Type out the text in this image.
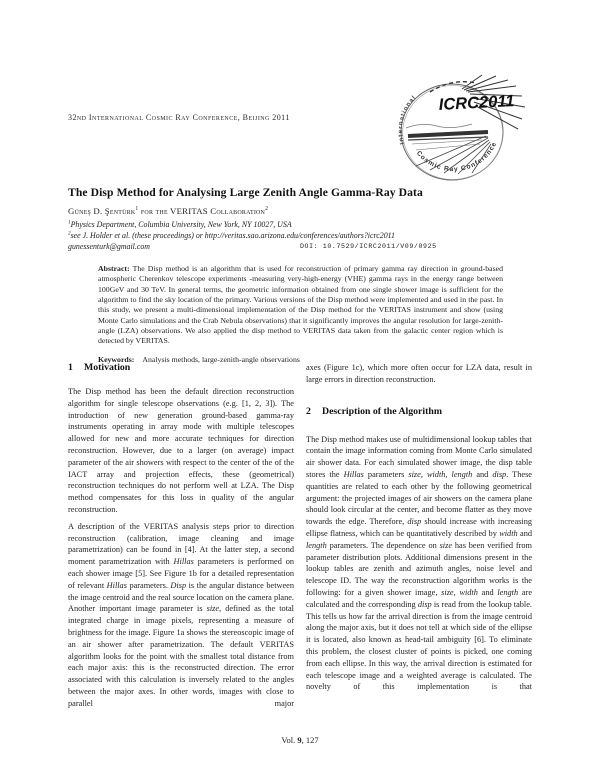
32nd International Cosmic Ray Conference, Beijing 2011
ICRC2011
Cosmic Ray Conference
International
The Disp Method for Analysing Large Zenith Angle Gamma-Ray Data
Güneş D. Şentürk$^1$ for the VERITAS Collaboration$^2$
$^1$Physics Department, Columbia University, New York, NY 10027, USA
$^2$see J. Holder et al. (these proceedings) or http://veritas.sao.arizona.edu/conferences/authors?icrc2011
gunessenturk@gmail.com	DOI: 10.7529/ICRC2011/V09/0925
Abstract: The Disp method is an algorithm that is used for reconstruction of primary gamma ray direction in ground-based atmospheric Cherenkov telescope experiments -measuring very-high-energy (VHE) gamma rays in the energy range between 100GeV and 30 TeV. In general terms, the geometric information obtained from one single shower image is sufficient for the algorithm to find the sky location of the primary. Various versions of the Disp method were implemented and used in the past. In this study, we present a multi-dimensional implementation of the Disp method for the VERITAS instrument and show (using Monte Carlo simulations and the Crab Nebula observations) that it significantly improves the angular resolution for large-zenith-angle (LZA) observations. We also applied the disp method to VERITAS data taken from the galactic center region which is detected by VERITAS.
Keywords: Analysis methods, large-zenith-angle observations
1 Motivation

The Disp method has been the default direction reconstruction algorithm for single telescope observations (e.g. [1, 2, 3]). The introduction of new generation ground-based gamma-ray instruments operating in array mode with multiple telescopes allowed for new and more accurate techniques for direction reconstruction. However, due to a larger (on average) impact parameter of the air showers with respect to the center of the of the IACT array and projection effects, these (geometrical) reconstruction techniques do not perform well at LZA. The Disp method compensates for this loss in quality of the angular reconstruction.

A description of the VERITAS analysis steps prior to direction reconstruction (calibration, image cleaning and image parametrization) can be found in [4]. At the latter step, a second moment parametrization with Hillas parameters is performed on each shower image [5]. See Figure 1b for a detailed representation of relevant Hillas parameters. Disp is the angular distance between the image centroid and the real source location on the camera plane. Another important image parameter is size, defined as the total integrated charge in image pixels, representing a measure of brightness for the image. Figure 1a shows the stereoscopic image of an air shower after parametrization. The default VERITAS algorithm looks for the point with the smallest total distance from each major axis: this is the reconstructed direction. The error associated with this calculation is inversely related to the angles between the major axes. In other words, images with close to parallel major

axes (Figure 1c), which more often occur for LZA data, result in large errors in direction reconstruction.

2 Description of the Algorithm

The Disp method makes use of multidimensional lookup tables that contain the image information coming from Monte Carlo simulated air shower data. For each simulated shower image, the disp table stores the Hillas parameters size, width, length and disp. These quantities are related to each other by the following geometrical argument: the projected images of air showers on the camera plane should look circular at the center, and become flatter as they move towards the edge. Therefore, disp should increase with increasing ellipse flatness, which can be quantitatively described by width and length parameters. The dependence on size has been verified from parameter distribution plots. Additional dimensions present in the lookup tables are zenith and azimuth angles, noise level and telescope ID. The way the reconstruction algorithm works is the following: for a given shower image, size, width and length are calculated and the corresponding disp is read from the lookup table. This tells us how far the arrival direction is from the image centroid along the major axis, but it does not tell at which side of the ellipse it is located, also known as head-tail ambiguity [6]. To eliminate this problem, the closest cluster of points is picked, one coming from each ellipse. In this way, the arrival direction is estimated for each telescope image and a weighted average is calculated. The novelty of this implementation is that

Vol. 9, 127
